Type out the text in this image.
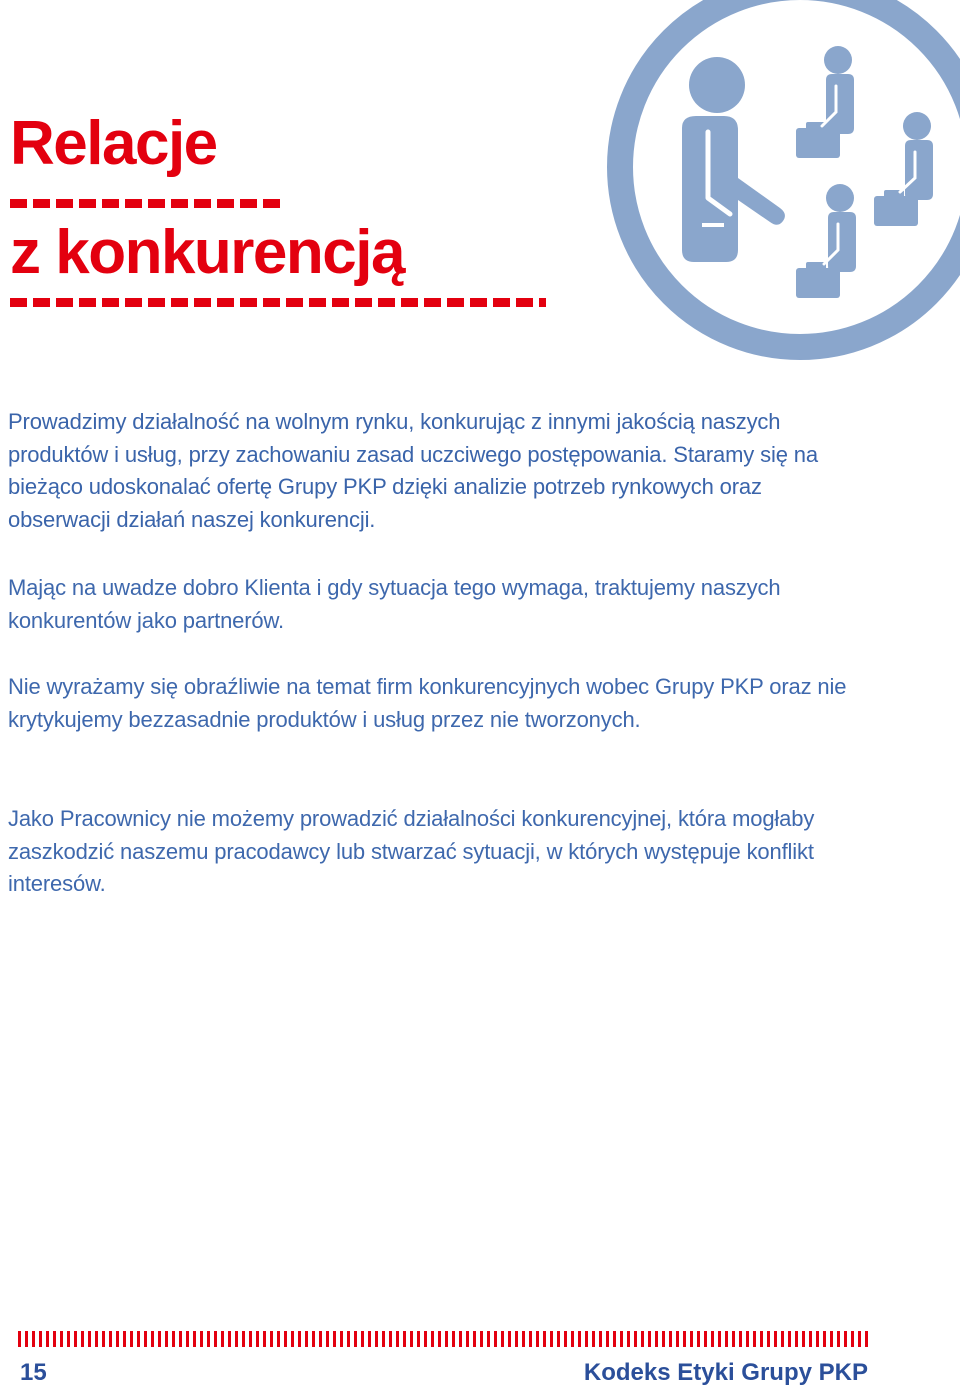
Relacje
z konkurencją

Prowadzimy działalność na wolnym rynku, konkurując z innymi jakością naszych produktów i usług, przy zachowaniu zasad uczciwego postępowania. Staramy się na bieżąco udoskonalać ofertę Grupy PKP dzięki analizie potrzeb rynkowych oraz obserwacji działań naszej konkurencji.

Mając na uwadze dobro Klienta i gdy sytuacja tego wymaga, traktujemy naszych konkurentów jako partnerów.

Nie wyrażamy się obraźliwie na temat firm konkurencyjnych wobec Grupy PKP oraz nie krytykujemy bezzasadnie produktów i usług przez nie tworzonych.

Jako Pracownicy nie możemy prowadzić działalności konkurencyjnej, która mogłaby zaszkodzić naszemu pracodawcy lub stwarzać sytuacji, w których występuje konflikt interesów.

15	Kodeks Etyki Grupy PKP
